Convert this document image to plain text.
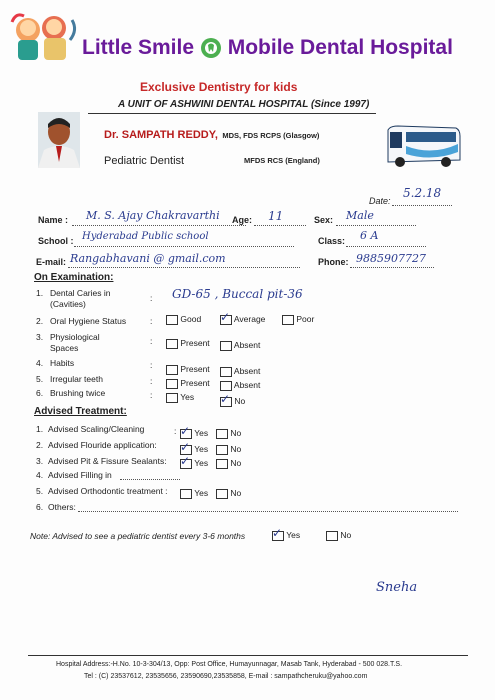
Little Smile Mobile Dental Hospital
Exclusive Dentistry for kids
A UNIT OF ASHWINI DENTAL HOSPITAL (Since 1997)
Dr. SAMPATH REDDY, MDS, FDS RCPS (Glasgow)
MFDS RCS (England)
Pediatric Dentist
Date:
5.2.18
Name : M. S. Ajay Chakravarthi Age: 11	Sex: Male
School : Hyderabad Public school	Class: 6 A
E-mail: Rangabhavani @ gmail.com	Phone: 9885907727
On Examination:
1. Dental Caries in
(Cavities)
: GD-65 , Buccal pit-36
2. Oral Hygiene Status	:	Good ✓ Average	Poor
3. Physiological
Spaces
:	Present	Absent
4. Habits	:	Present	Absent
5. Irregular teeth	:	Present	Absent
6. Brushing twice	:	Yes ✓ No
Advised Treatment:
1. Advised Scaling/Cleaning	: ✓ Yes	No
2. Advised Flouride application: ✓ Yes	No
3. Advised Pit & Fissure Sealants: ✓ Yes	No
4. Advised Filling in
5. Advised Orthodontic treatment :	Yes	No
6. Others:
Note: Advised to see a pediatric dentist every 3-6 months ✓ Yes	No
Sneha
Hospital Address:-H.No. 10-3-304/13, Opp: Post Office, Humayunnagar, Masab Tank, Hyderabad - 500 028.T.S.
Tel : (C) 23537612, 23535656, 23590690,23535858, E-mail : sampathcheruku@yahoo.com
